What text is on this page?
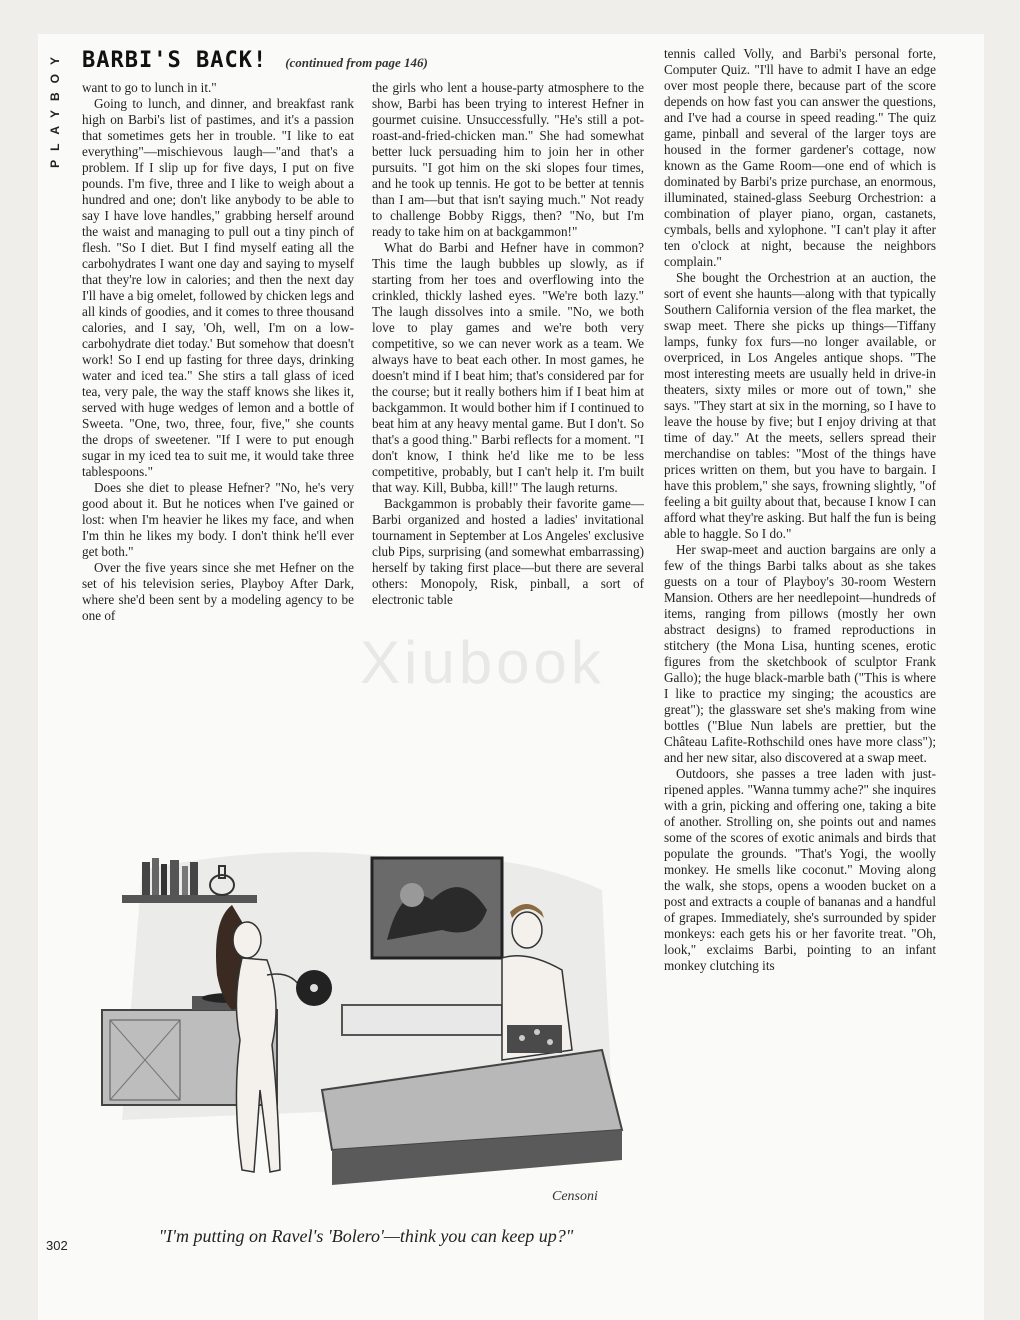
PLAYBOY BARBI'S BACK! (continued from page 146)

want to go to lunch in it."

Going to lunch, and dinner, and breakfast rank high on Barbi's list of pastimes, and it's a passion that sometimes gets her in trouble. "I like to eat everything"—mischievous laugh—"and that's a problem. If I slip up for five days, I put on five pounds. I'm five, three and I like to weigh about a hundred and one; don't like anybody to be able to say I have love handles," grabbing herself around the waist and managing to pull out a tiny pinch of flesh. "So I diet. But I find myself eating all the carbohydrates I want one day and saying to myself that they're low in calories; and then the next day I'll have a big omelet, followed by chicken legs and all kinds of goodies, and it comes to three thousand calories, and I say, 'Oh, well, I'm on a low-carbohydrate diet today.' But somehow that doesn't work! So I end up fasting for three days, drinking water and iced tea." She stirs a tall glass of iced tea, very pale, the way the staff knows she likes it, served with huge wedges of lemon and a bottle of Sweeta. "One, two, three, four, five," she counts the drops of sweetener. "If I were to put enough sugar in my iced tea to suit me, it would take three tablespoons."

Does she diet to please Hefner? "No, he's very good about it. But he notices when I've gained or lost: when I'm heavier he likes my face, and when I'm thin he likes my body. I don't think he'll ever get both."

Over the five years since she met Hefner on the set of his television series, Playboy After Dark, where she'd been sent by a modeling agency to be one of

the girls who lent a house-party atmosphere to the show, Barbi has been trying to interest Hefner in gourmet cuisine. Unsuccessfully. "He's still a pot-roast-and-fried-chicken man." She had somewhat better luck persuading him to join her in other pursuits. "I got him on the ski slopes four times, and he took up tennis. He got to be better at tennis than I am—but that isn't saying much." Not ready to challenge Bobby Riggs, then? "No, but I'm ready to take him on at backgammon!"

What do Barbi and Hefner have in common? This time the laugh bubbles up slowly, as if starting from her toes and overflowing into the crinkled, thickly lashed eyes. "We're both lazy." The laugh dissolves into a smile. "No, we both love to play games and we're both very competitive, so we can never work as a team. We always have to beat each other. In most games, he doesn't mind if I beat him; that's considered par for the course; but it really bothers him if I beat him at backgammon. It would bother him if I continued to beat him at any heavy mental game. But I don't. So that's a good thing." Barbi reflects for a moment. "I don't know, I think he'd like me to be less competitive, probably, but I can't help it. I'm built that way. Kill, Bubba, kill!" The laugh returns.

Backgammon is probably their favorite game—Barbi organized and hosted a ladies' invitational tournament in September at Los Angeles' exclusive club Pips, surprising (and somewhat embarrassing) herself by taking first place—but there are several others: Monopoly, Risk, pinball, a sort of electronic table

tennis called Volly, and Barbi's personal forte, Computer Quiz. "I'll have to admit I have an edge over most people there, because part of the score depends on how fast you can answer the questions, and I've had a course in speed reading." The quiz game, pinball and several of the larger toys are housed in the former gardener's cottage, now known as the Game Room—one end of which is dominated by Barbi's prize purchase, an enormous, illuminated, stained-glass Seeburg Orchestrion: a combination of player piano, organ, castanets, cymbals, bells and xylophone. "I can't play it after ten o'clock at night, because the neighbors complain."

She bought the Orchestrion at an auction, the sort of event she haunts—along with that typically Southern California version of the flea market, the swap meet. There she picks up things—Tiffany lamps, funky fox furs—no longer available, or overpriced, in Los Angeles antique shops. "The most interesting meets are usually held in drive-in theaters, sixty miles or more out of town," she says. "They start at six in the morning, so I have to leave the house by five; but I enjoy driving at that time of day." At the meets, sellers spread their merchandise on tables: "Most of the things have prices written on them, but you have to bargain. I have this problem," she says, frowning slightly, "of feeling a bit guilty about that, because I know I can afford what they're asking. But half the fun is being able to haggle. So I do."

Her swap-meet and auction bargains are only a few of the things Barbi talks about as she takes guests on a tour of Playboy's 30-room Western Mansion. Others are her needlepoint—hundreds of items, ranging from pillows (mostly her own abstract designs) to framed reproductions in stitchery (the Mona Lisa, hunting scenes, erotic figures from the sketchbook of sculptor Frank Gallo); the huge black-marble bath ("This is where I like to practice my singing; the acoustics are great"); the glassware set she's making from wine bottles ("Blue Nun labels are prettier, but the Château Lafite-Rothschild ones have more class"); and her new sitar, also discovered at a swap meet.

Outdoors, she passes a tree laden with just-ripened apples. "Wanna tummy ache?" she inquires with a grin, picking and offering one, taking a bite of another. Strolling on, she points out and names some of the scores of exotic animals and birds that populate the grounds. "That's Yogi, the woolly monkey. He smells like coconut." Moving along the walk, she stops, opens a wooden bucket on a post and extracts a couple of bananas and a handful of grapes. Immediately, she's surrounded by spider monkeys: each gets his or her favorite treat. "Oh, look," exclaims Barbi, pointing to an infant monkey clutching its

Censoni
"I'm putting on Ravel's 'Bolero'—think you can keep up?"
302
Xiubook
